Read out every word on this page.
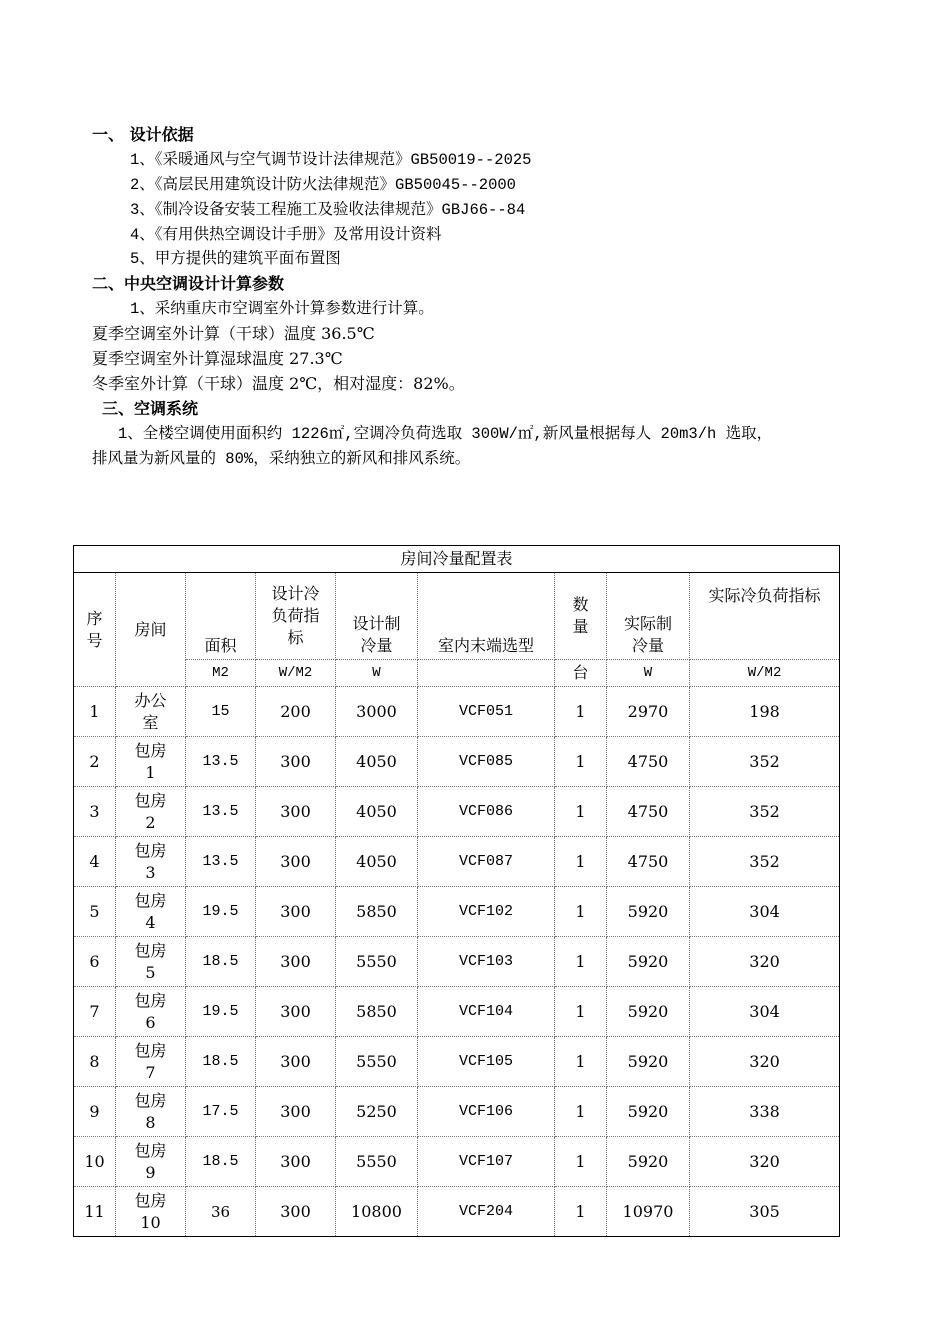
一、 设计依据
1、《采暖通风与空气调节设计法律规范》GB50019--2025
2、《高层民用建筑设计防火法律规范》GB50045--2000
3、《制冷设备安装工程施工及验收法律规范》GBJ66--84
4、《有用供热空调设计手册》及常用设计资料
5、甲方提供的建筑平面布置图
二、中央空调设计计算参数
1、采纳重庆市空调室外计算参数进行计算。
夏季空调室外计算（干球）温度 36.5℃
夏季空调室外计算湿球温度 27.3℃
冬季室外计算（干球）温度 2℃，相对湿度：82%。
三、空调系统
1、全楼空调使用面积约 1226㎡,空调冷负荷选取 300W/㎡,新风量根据每人 20m3/h 选取，
排风量为新风量的 80%，采纳独立的新风和排风系统。
房间冷量配置表								
序号	房间	面积	设计冷负荷指标	设计制冷量	室内末端选型	数量	实际制冷量	实际冷负荷指标
		M2	W/M2	W		台	W	W/M2
1	办公室	15	200	3000	VCF051	1	2970	198
2	包房1	13.5	300	4050	VCF085	1	4750	352
3	包房2	13.5	300	4050	VCF086	1	4750	352
4	包房3	13.5	300	4050	VCF087	1	4750	352
5	包房4	19.5	300	5850	VCF102	1	5920	304
6	包房5	18.5	300	5550	VCF103	1	5920	320
7	包房6	19.5	300	5850	VCF104	1	5920	304
8	包房7	18.5	300	5550	VCF105	1	5920	320
9	包房8	17.5	300	5250	VCF106	1	5920	338
10	包房9	18.5	300	5550	VCF107	1	5920	320
11	包房10	36	300	10800	VCF204	1	10970	305
